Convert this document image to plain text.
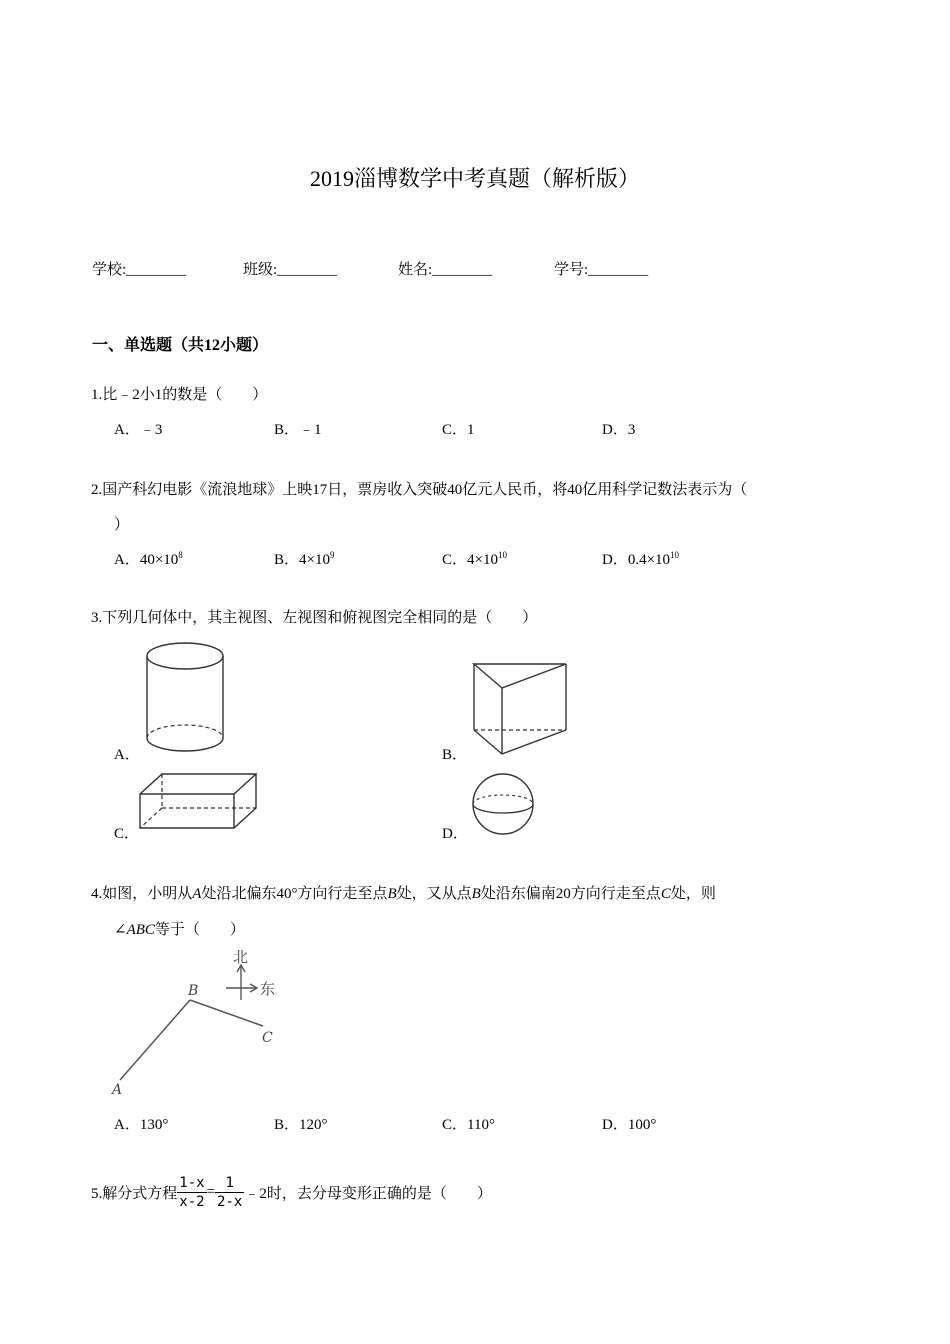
2019淄博数学中考真题（解析版）
学校:________	班级:________	姓名:________	学号:________
一、单选题（共12小题）
1.比﹣2小1的数是（　　）
A．﹣3	B．﹣1	C．1	D．3
2.国产科幻电影《流浪地球》上映17日，票房收入突破40亿元人民币，将40亿用科学记数法表示为（
）
A．$40\times 10^8$	B．$4\times 10^9$	C．$4\times 10^{10}$	D．$0.4\times 10^{10}$
3.下列几何体中，其主视图、左视图和俯视图完全相同的是（　　）
A．	B．
C．	D．
4.如图，小明从A处沿北偏东40°方向行走至点B处，又从点B处沿东偏南20方向行走至点C处，则
∠ABC等于（　　）
北
东
A
B
C
A．130°	B．120°	C．110°	D．100°
5.解分式方程 $\frac{1-x}{x-2} = \frac{1}{2-x}$ ﹣2时，去分母变形正确的是（　　）
